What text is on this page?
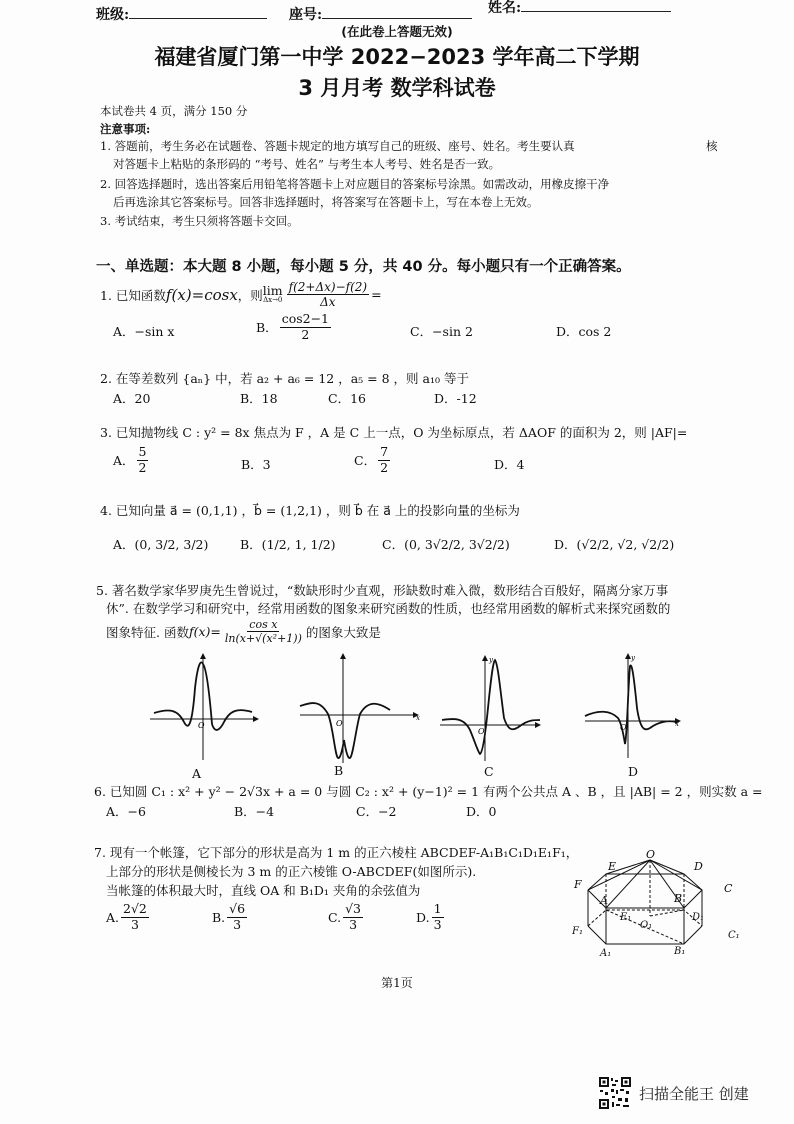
班级:	座号:	姓名:
(在此卷上答题无效)
福建省厦门第一中学 2022−2023 学年高二下学期
3 月月考 数学科试卷
本试卷共 4 页，满分 150 分
注意事项:
1. 答题前，考生务必在试题卷、答题卡规定的地方填写自己的班级、座号、姓名。考生要认真	核
对答题卡上粘贴的条形码的 “考号、姓名” 与考生本人考号、姓名是否一致。
2. 回答选择题时，选出答案后用铅笔将答题卡上对应题目的答案标号涂黑。如需改动，用橡皮擦干净
后再选涂其它答案标号。回答非选择题时，将答案写在答题卡上，写在本卷上无效。
3. 考试结束，考生只须将答题卡交回。
一、单选题：本大题 8 小题，每小题 5 分，共 40 分。每小题只有一个正确答案。
1. 已知函数 f(x)=cosx ，则 lim
$\Delta x\to 0 \frac{f(2+\Delta x)-f(2)}{\Delta x}$ =
A．−sin x	B． $\frac{\cos 2-1}{2}$	C．−sin 2	D．cos 2
2. 在等差数列 {aₙ} 中，若 a₂ + a₆ = 12 ，a₅ = 8 ，则 a₁₀ 等于
A．20	B．18	C．16	D．-12
3. 已知抛物线 C : y² = 8x 焦点为 F ，A 是 C 上一点，O 为坐标原点，若 ΔAOF 的面积为 2，则 |AF|=
A． $\frac{5}{2}$	B．3	C． $\frac{7}{2}$	D．4
4. 已知向量 a⃗ = (0,1,1) ，b⃗ = (1,2,1) ，则 b⃗ 在 a⃗ 上的投影向量的坐标为
A．(0, 3/2, 3/2)	B．(1/2, 1, 1/2)	C．(0, 3√2/2, 3√2/2)	D．(√2/2, √2, √2/2)
5. 著名数学家华罗庚先生曾说过，“数缺形时少直观，形缺数时难入微，数形结合百般好，隔离分家万事
休”. 在数学学习和研究中，经常用函数的图象来研究函数的性质，也经常用函数的解析式来探究函数的
图象特征. 函数 $f(x)= \frac{\text{cos x}}{\text{ln(x+√(x²+1))}}$ 的图象大致是
O	O
x
O
y
O
y
x
A	B	C	D
6. 已知圆 C₁ : x² + y² − 2√3x + a = 0 与圆 C₂ : x² + (y−1)² = 1 有两个公共点 A 、B ，且 |AB| = 2 ，则实数 a =
A．−6	B．−4	C．−2	D．0
7. 现有一个帐篷，它下部分的形状是高为 1 m 的正六棱柱 ABCDEF-A₁B₁C₁D₁E₁F₁，
上部分的形状是侧棱长为 3 m 的正六棱锥 O-ABCDEF(如图所示).
当帐篷的体积最大时，直线 OA 和 B₁D₁ 夹角的余弦值为
A. $\frac{2√2}{3}$	B. $\frac{√6}{3}$	C. $\frac{√3}{3}$	D. $\frac{1}{3}$
O
E	D
F	C
A	B
E₁
O₁
D₁
F₁	C₁
A₁	B₁
第1页
扫描全能王 创建
